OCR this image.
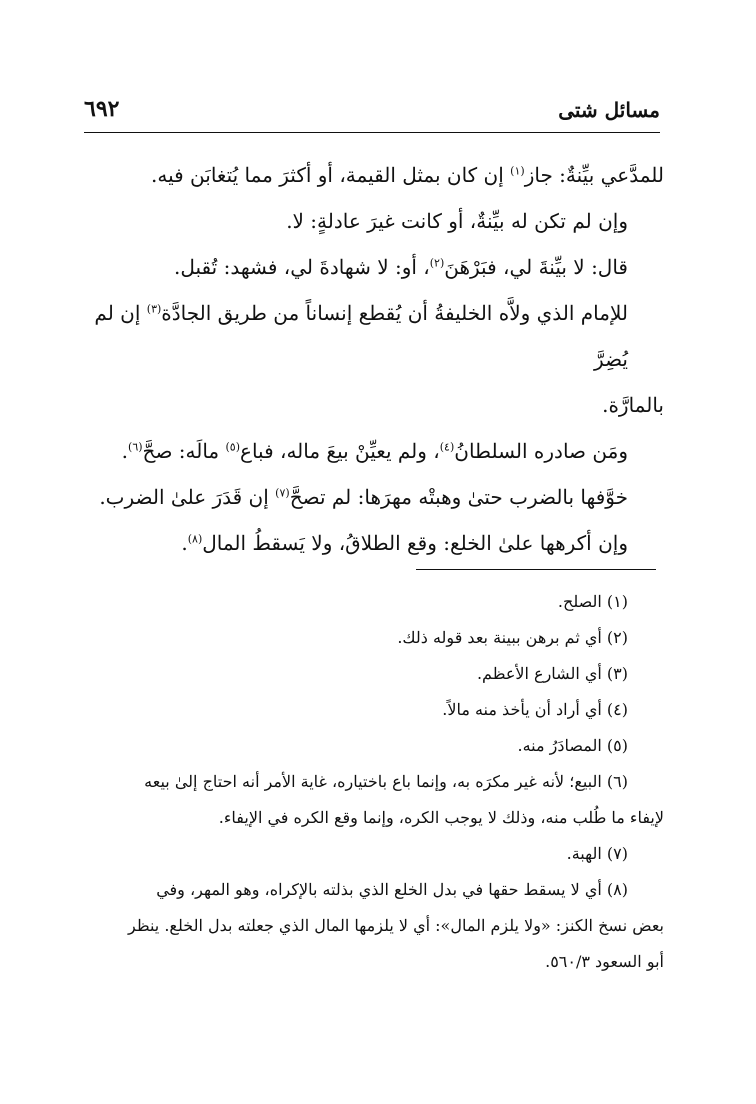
مسائل شتى
٦٩٢

للمدَّعي بيِّنةٌ: جاز$^{(١)}$ إن كان بمثل القيمة، أو أكثرَ مما يُتغابَن فيه.

وإن لم تكن له بيِّنةٌ، أو كانت غيرَ عادلةٍ: لا.

قال: لا بيِّنةَ لي، فبَرْهَنَ$^{(٢)}$، أو: لا شهادةَ لي، فشهد: تُقبل.

للإمام الذي ولاَّه الخليفةُ أن يُقطع إنساناً من طريق الجادَّة$^{(٣)}$ إن لم يُضِرَّ

بالمارَّة.

ومَن صادره السلطانُ$^{(٤)}$، ولم يعيِّنْ بيعَ ماله، فباع$^{(٥)}$ مالَه: صحَّ$^{(٦)}$.

خوَّفها بالضرب حتىٰ وهبتْه مهرَها: لم تصحَّ$^{(٧)}$ إن قَدَرَ علىٰ الضرب.

وإن أكرهها علىٰ الخلع: وقع الطلاقُ، ولا يَسقطُ المال$^{(٨)}$.

(١) الصلح.

(٢) أي ثم برهن ببينة بعد قوله ذلك.

(٣) أي الشارع الأعظم.

(٤) أي أراد أن يأخذ منه مالاً.

(٥) المصادَرُ منه.

(٦) البيع؛ لأنه غير مكرَه به، وإنما باع باختياره، غاية الأمر أنه احتاج إلىٰ بيعه

لإيفاء ما طُلب منه، وذلك لا يوجب الكره، وإنما وقع الكره في الإيفاء.

(٧) الهبة.

(٨) أي لا يسقط حقها في بدل الخلع الذي بذلته بالإكراه، وهو المهر، وفي

بعض نسخ الكنز: «ولا يلزم المال»: أي لا يلزمها المال الذي جعلته بدل الخلع. ينظر

أبو السعود ٥٦٠/٣.
